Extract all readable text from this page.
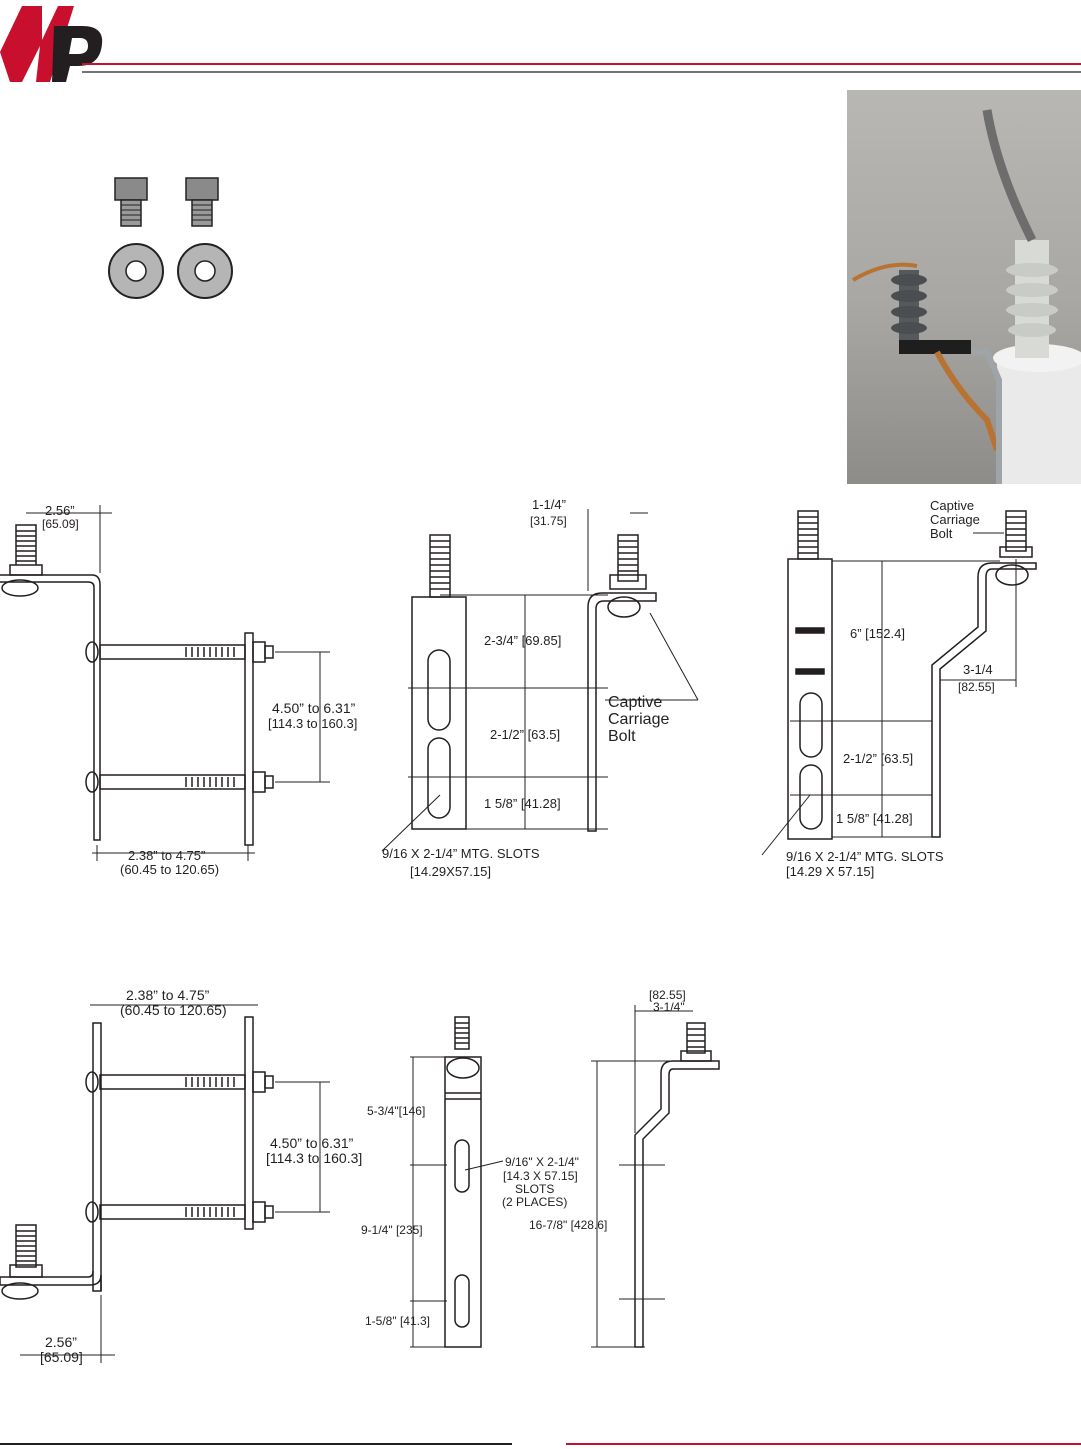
2.56”
[65.09]
4.50” to 6.31”
[114.3 to 160.3]
2.38” to 4.75”
(60.45 to 120.65)
1-1/4”
[31.75]
2-3/4” [69.85]
2-1/2” [63.5]
1 5/8” [41.28]
Captive
Carriage
Bolt
9/16 X 2-1/4” MTG. SLOTS
[14.29X57.15]
Captive
Carriage
Bolt
6” [152.4]
3-1/4
[82.55]
2-1/2” [63.5]
1 5/8” [41.28]
9/16 X 2-1/4” MTG. SLOTS
[14.29 X 57.15]
2.38” to 4.75”
(60.45 to 120.65)
4.50” to 6.31”
[114.3 to 160.3]
2.56”
[65.09]
5-3/4"[146]
9-1/4" [235]
1-5/8" [41.3]
9/16" X 2-1/4"
[14.3 X 57.15]
SLOTS
(2 PLACES)
16-7/8" [428.6]
[82.55]
3-1/4"
